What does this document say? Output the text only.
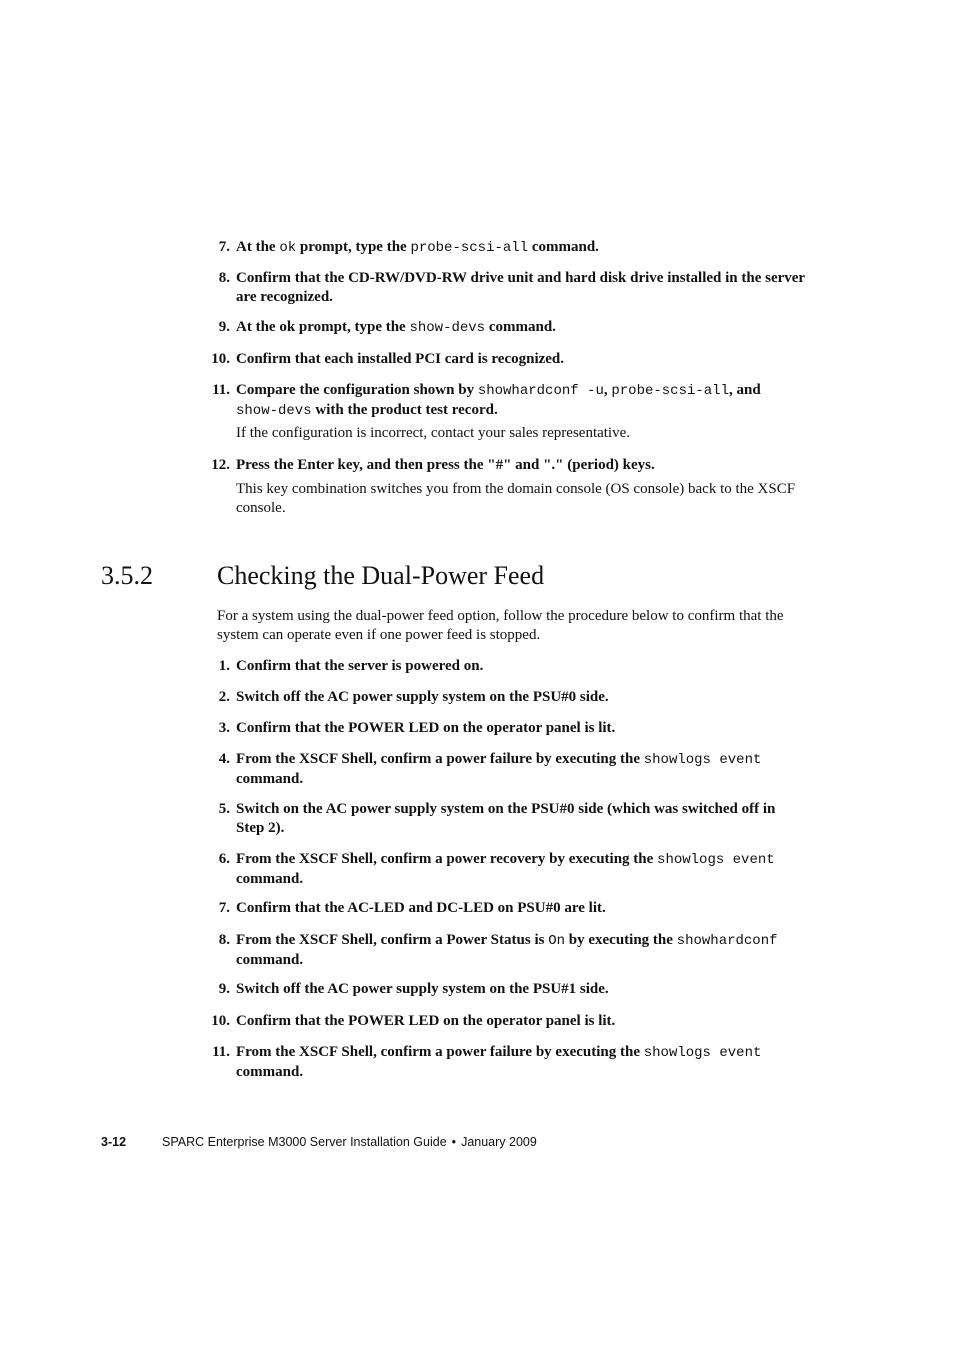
7. At the ok prompt, type the probe-scsi-all command.
8. Confirm that the CD-RW/DVD-RW drive unit and hard disk drive installed in the server are recognized.
9. At the ok prompt, type the show-devs command.
10. Confirm that each installed PCI card is recognized.
11. Compare the configuration shown by showhardconf -u, probe-scsi-all, and show-devs with the product test record.
If the configuration is incorrect, contact your sales representative.
12. Press the Enter key, and then press the "#" and "." (period) keys.
This key combination switches you from the domain console (OS console) back to the XSCF console.
3.5.2 Checking the Dual-Power Feed
For a system using the dual-power feed option, follow the procedure below to confirm that the system can operate even if one power feed is stopped.
1. Confirm that the server is powered on.
2. Switch off the AC power supply system on the PSU#0 side.
3. Confirm that the POWER LED on the operator panel is lit.
4. From the XSCF Shell, confirm a power failure by executing the showlogs event command.
5. Switch on the AC power supply system on the PSU#0 side (which was switched off in Step 2).
6. From the XSCF Shell, confirm a power recovery by executing the showlogs event command.
7. Confirm that the AC-LED and DC-LED on PSU#0 are lit.
8. From the XSCF Shell, confirm a Power Status is On by executing the showhardconf command.
9. Switch off the AC power supply system on the PSU#1 side.
10. Confirm that the POWER LED on the operator panel is lit.
11. From the XSCF Shell, confirm a power failure by executing the showlogs event command.
3-12	SPARC Enterprise M3000 Server Installation Guide • January 2009
